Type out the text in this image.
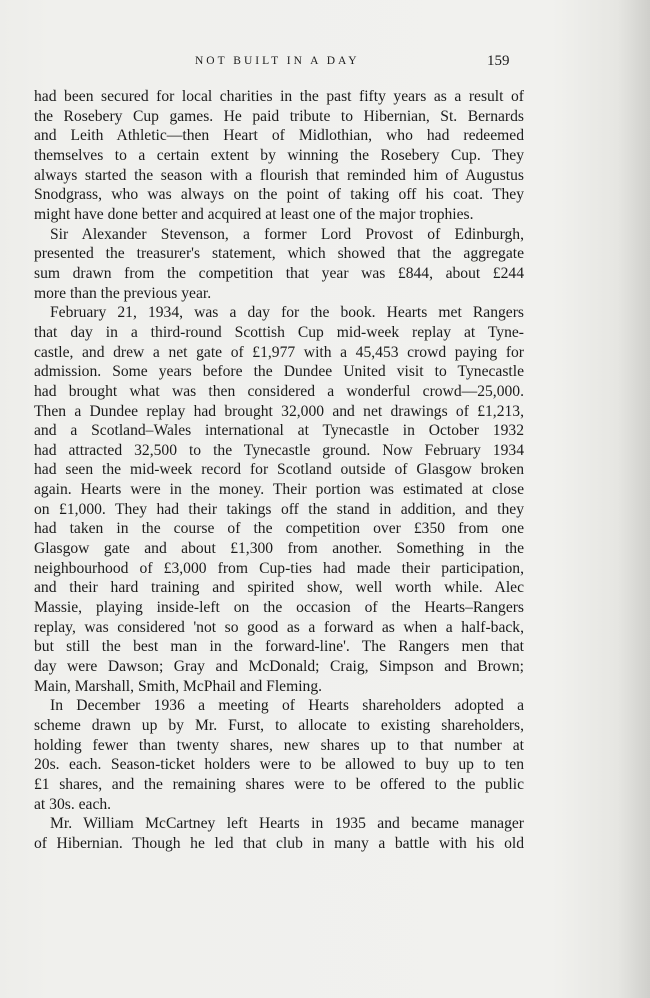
NOT BUILT IN A DAY	159
had been secured for local charities in the past fifty years as a result of
the Rosebery Cup games. He paid tribute to Hibernian, St. Bernards
and Leith Athletic—then Heart of Midlothian, who had redeemed
themselves to a certain extent by winning the Rosebery Cup. They
always started the season with a flourish that reminded him of Augustus
Snodgrass, who was always on the point of taking off his coat. They
might have done better and acquired at least one of the major trophies.
Sir Alexander Stevenson, a former Lord Provost of Edinburgh,
presented the treasurer's statement, which showed that the aggregate
sum drawn from the competition that year was £844, about £244
more than the previous year.
February 21, 1934, was a day for the book. Hearts met Rangers
that day in a third-round Scottish Cup mid-week replay at Tyne-
castle, and drew a net gate of £1,977 with a 45,453 crowd paying for
admission. Some years before the Dundee United visit to Tynecastle
had brought what was then considered a wonderful crowd—25,000.
Then a Dundee replay had brought 32,000 and net drawings of £1,213,
and a Scotland–Wales international at Tynecastle in October 1932
had attracted 32,500 to the Tynecastle ground. Now February 1934
had seen the mid-week record for Scotland outside of Glasgow broken
again. Hearts were in the money. Their portion was estimated at close
on £1,000. They had their takings off the stand in addition, and they
had taken in the course of the competition over £350 from one
Glasgow gate and about £1,300 from another. Something in the
neighbourhood of £3,000 from Cup-ties had made their participation,
and their hard training and spirited show, well worth while. Alec
Massie, playing inside-left on the occasion of the Hearts–Rangers
replay, was considered 'not so good as a forward as when a half-back,
but still the best man in the forward-line'. The Rangers men that
day were Dawson; Gray and McDonald; Craig, Simpson and Brown;
Main, Marshall, Smith, McPhail and Fleming.
In December 1936 a meeting of Hearts shareholders adopted a
scheme drawn up by Mr. Furst, to allocate to existing shareholders,
holding fewer than twenty shares, new shares up to that number at
20s. each. Season-ticket holders were to be allowed to buy up to ten
£1 shares, and the remaining shares were to be offered to the public
at 30s. each.
Mr. William McCartney left Hearts in 1935 and became manager
of Hibernian. Though he led that club in many a battle with his old
